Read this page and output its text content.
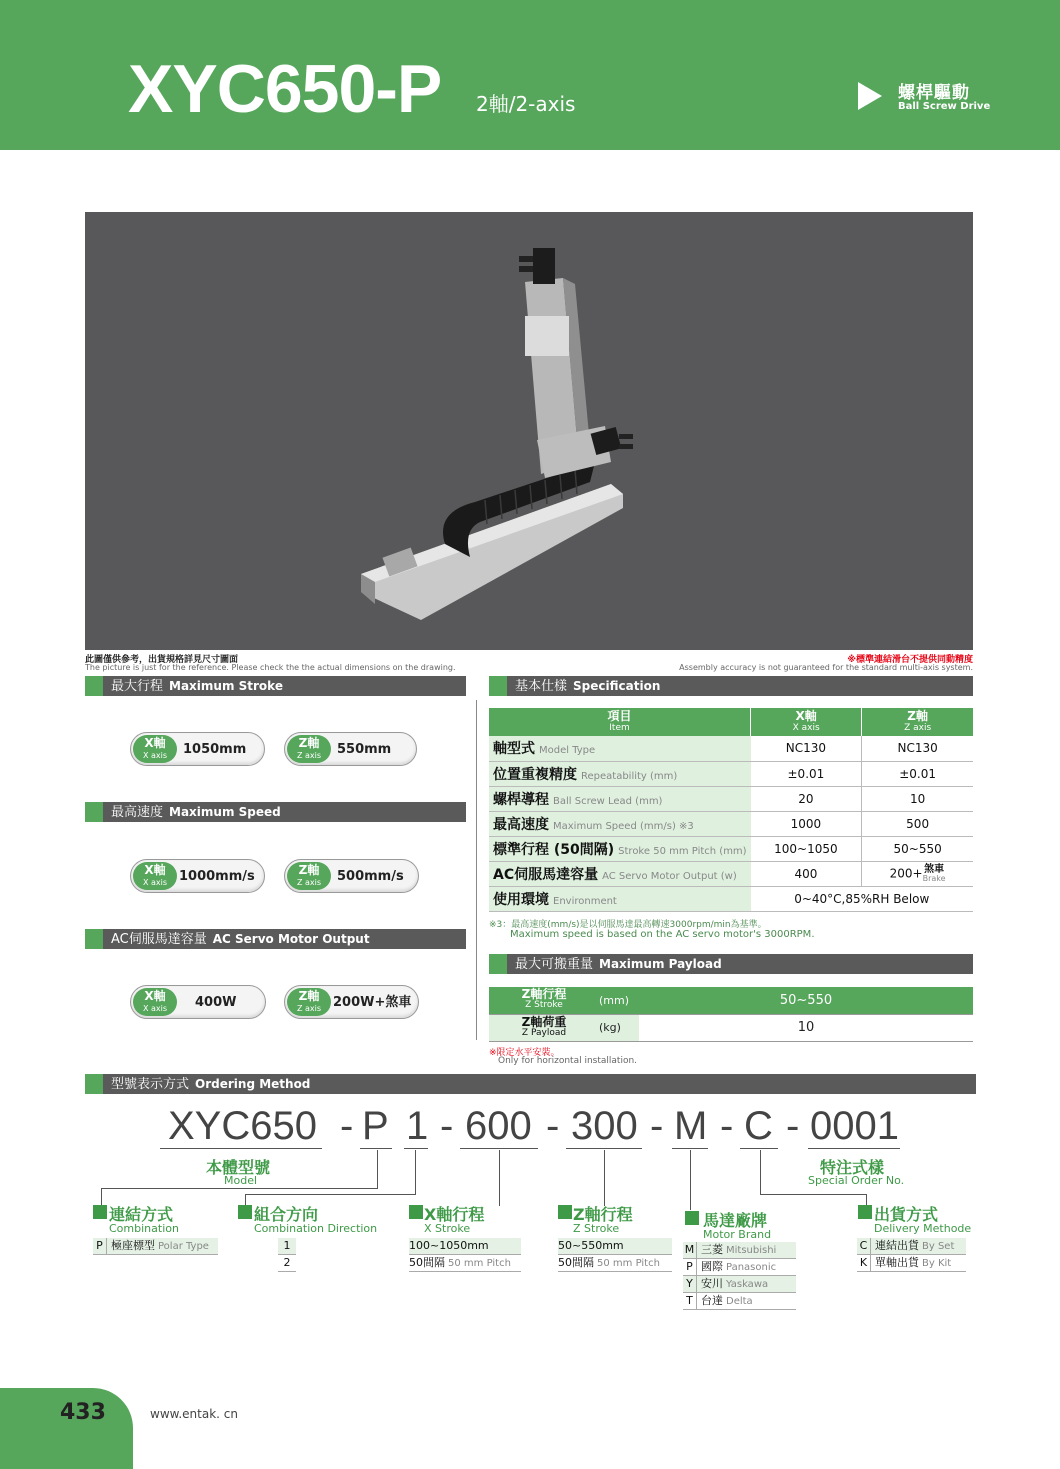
XYC650-P 2軸/2-axis	螺桿驅動
Ball Screw Drive
此圖僅供參考，出貨規格詳見尺寸圖面
The picture is just for the reference. Please check the the actual dimensions on the drawing.
※標準連結滑台不提供同動精度
Assembly accuracy is not guaranteed for the standard multi-axis system.
最大行程 Maximum Stroke
X軸
X axis	1050mm	Z軸
Z axis	550mm
最高速度 Maximum Speed
X軸
X axis 1000mm/s	Z軸
Z axis	500mm/s
AC伺服馬達容量 AC Servo Motor Output
X軸
X axis	400W	Z軸
Z axis 200W+煞車
基本仕樣 Specification
項目
Item	X軸
X axis	Z軸
Z axis

軸型式 Model Type	NC130	NC130
位置重複精度 Repeatability (mm)	±0.01	±0.01
螺桿導程 Ball Screw Lead (mm)	20	10
最高速度 Maximum Speed (mm/s) ※3	1000	500
標準行程 (50間隔) Stroke 50 mm Pitch (mm)	100~1050	50~550
AC伺服馬達容量 AC Servo Motor Output (w)	400	200+煞車
Brake

使用環境 Environment	0~40°C,85%RH Below	
※3：最高速度(mm/s)是以伺服馬達最高轉速3000rpm/min為基準。
Maximum speed is based on the AC servo motor's 3000RPM.
最大可搬重量 Maximum Payload
Z軸行程
Z Stroke	(mm)	50~550
Z軸荷重
Z Payload	(kg)	10
※限定水平安裝。
Only for horizontal installation.
型號表示方式 Ordering Method
XYC650 - P 1 - 600 - 300 - M - C - 0001
本體型號
Model
特注式樣
Special Order No.
連結方式
Combination
P 極座標型 Polar Type
組合方向
Combination Direction
1
2
X軸行程
X Stroke
100~1050mm
50間隔 50 mm Pitch
Z軸行程
Z Stroke
50~550mm
50間隔 50 mm Pitch
馬達廠牌
Motor Brand
M 三菱 Mitsubishi
P 國際 Panasonic
Y 安川 Yaskawa
T 台達 Delta
出貨方式
Delivery Methode
C 連結出貨 By Set
K 單軸出貨 By Kit
433	www.entak. cn
